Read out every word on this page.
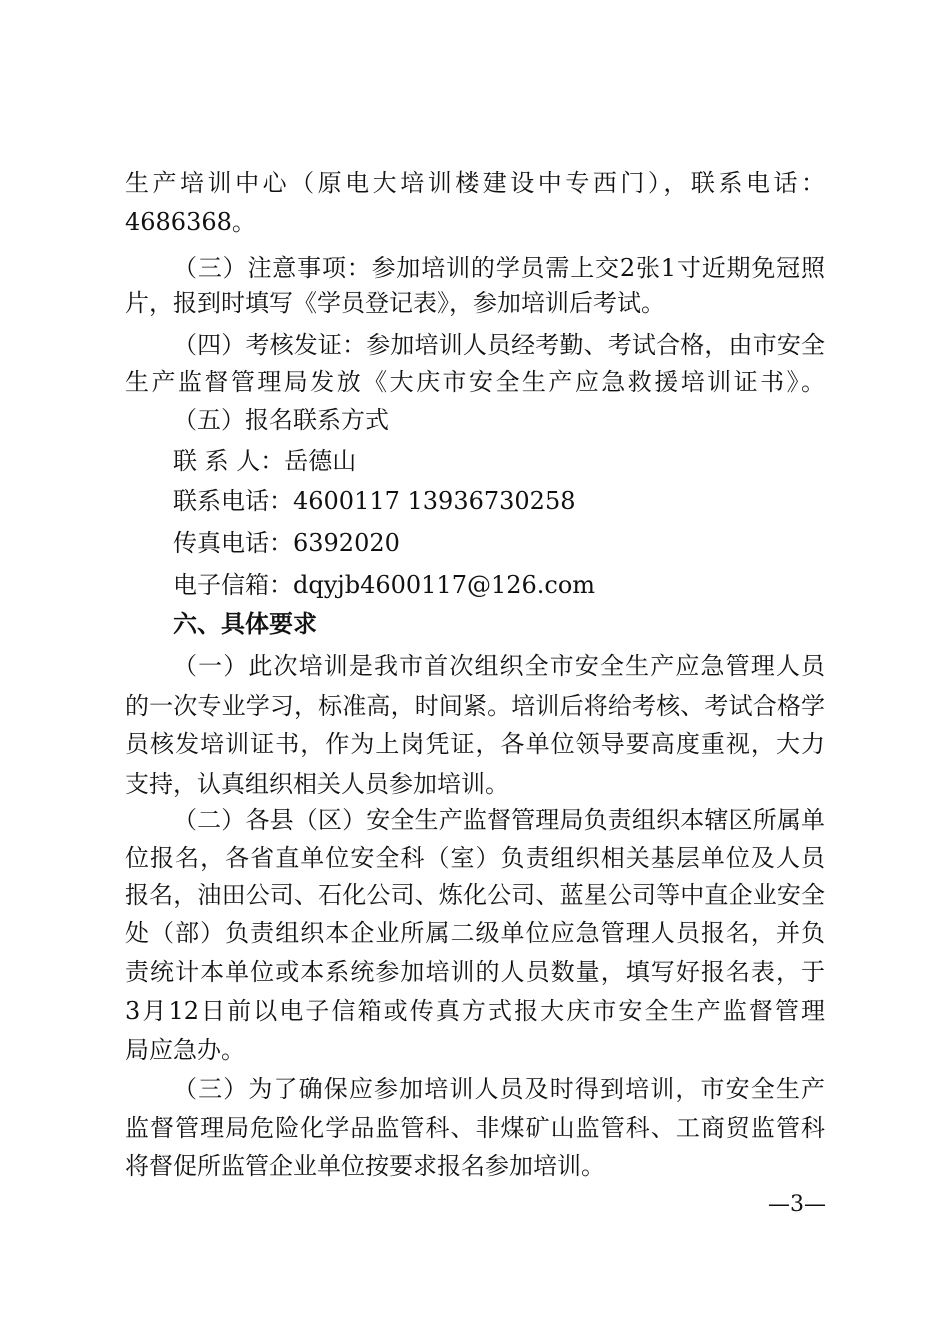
生产培训中心（原电大培训楼建设中专西门），联系电话：
4686368。
（三）注意事项：参加培训的学员需上交2张1寸近期免冠照
片，报到时填写《学员登记表》，参加培训后考试。
（四）考核发证：参加培训人员经考勤、考试合格，由市安全
生产监督管理局发放《大庆市安全生产应急救援培训证书》。
（五）报名联系方式
联 系 人：岳德山
联系电话：4600117 13936730258
传真电话：6392020
电子信箱：dqyjb4600117@126.com
六、具体要求
（一）此次培训是我市首次组织全市安全生产应急管理人员
的一次专业学习，标准高，时间紧。培训后将给考核、考试合格学
员核发培训证书，作为上岗凭证，各单位领导要高度重视，大力
支持，认真组织相关人员参加培训。
（二）各县（区）安全生产监督管理局负责组织本辖区所属单
位报名，各省直单位安全科（室）负责组织相关基层单位及人员
报名，油田公司、石化公司、炼化公司、蓝星公司等中直企业安全
处（部）负责组织本企业所属二级单位应急管理人员报名，并负
责统计本单位或本系统参加培训的人员数量，填写好报名表，于
3月12日前以电子信箱或传真方式报大庆市安全生产监督管理
局应急办。
（三）为了确保应参加培训人员及时得到培训，市安全生产
监督管理局危险化学品监管科、非煤矿山监管科、工商贸监管科
将督促所监管企业单位按要求报名参加培训。
—3—
